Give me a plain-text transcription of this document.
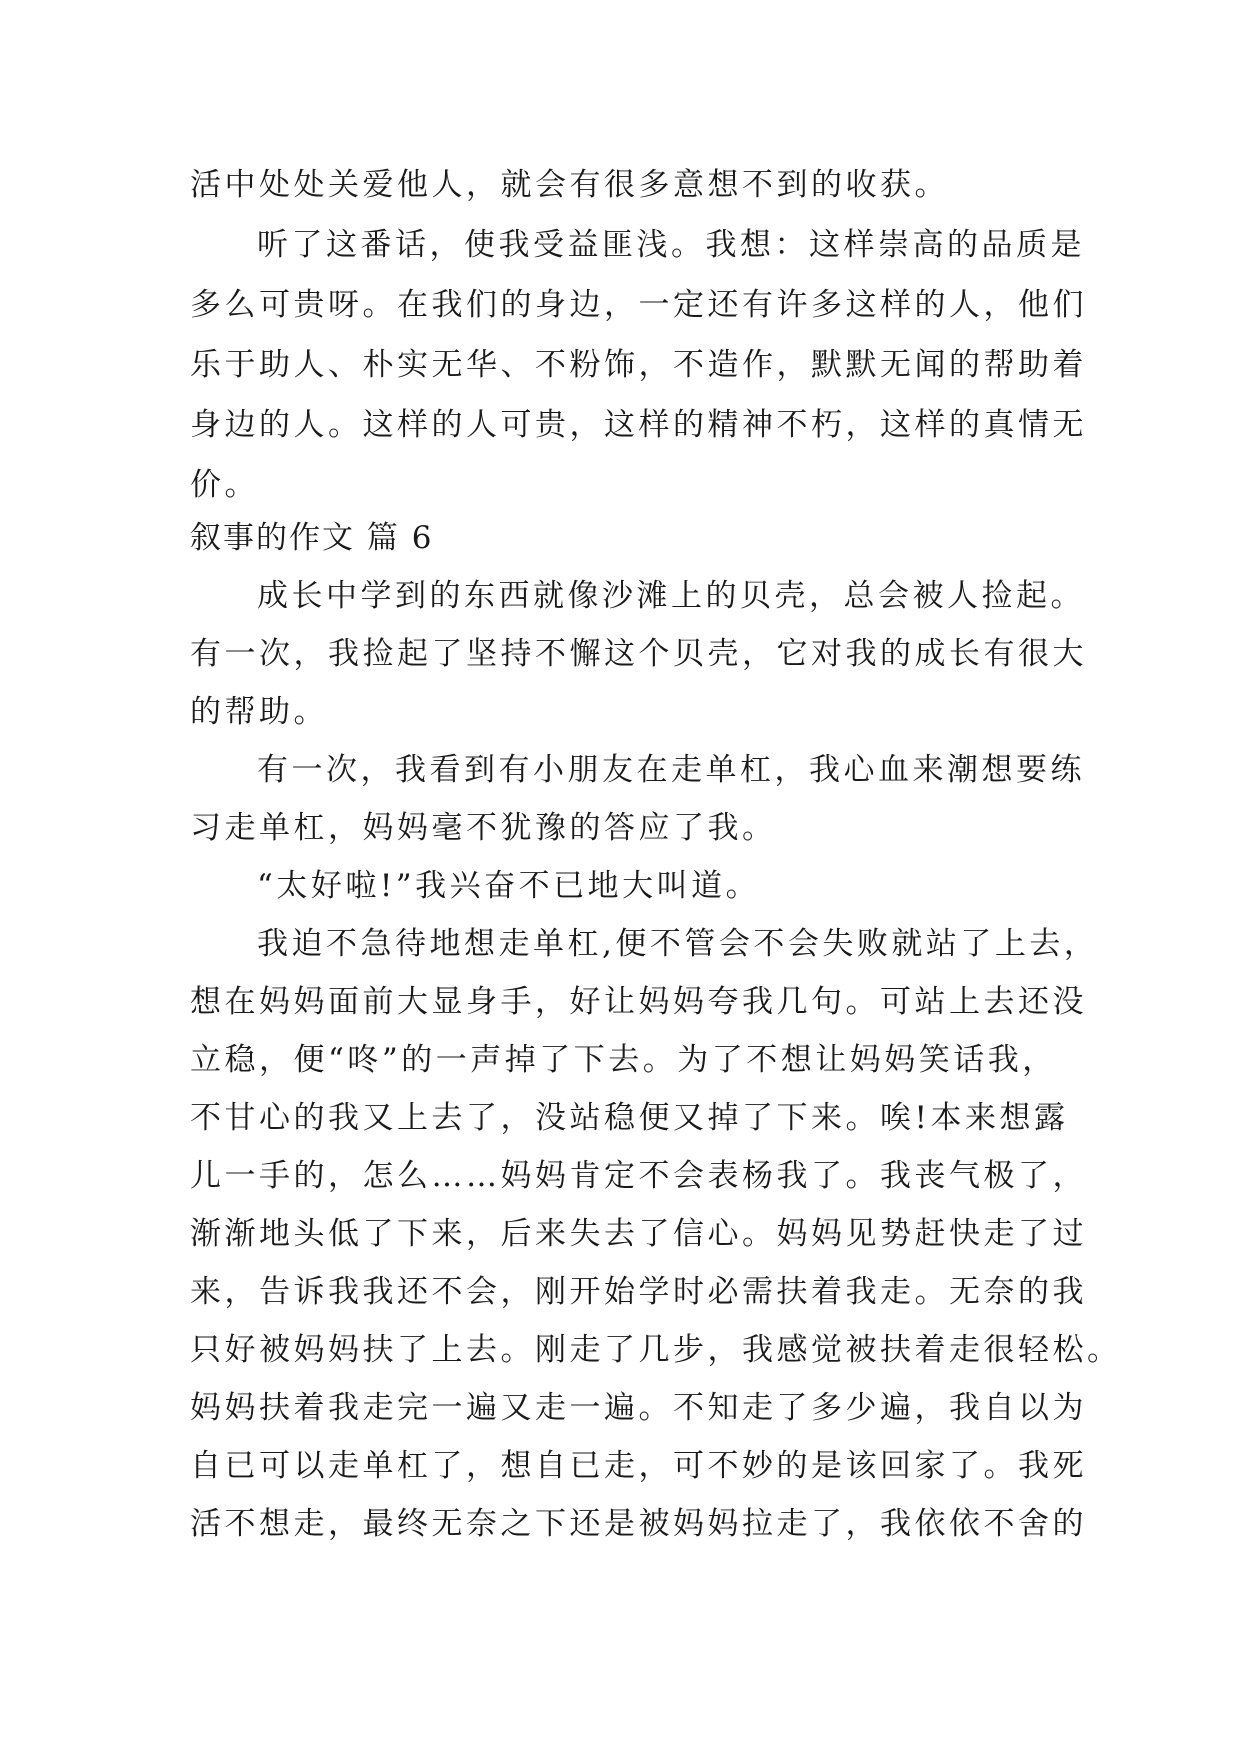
活中处处关爱他人，就会有很多意想不到的收获。
听了这番话，使我受益匪浅。我想：这样崇高的品质是
多么可贵呀。在我们的身边，一定还有许多这样的人，他们
乐于助人、朴实无华、不粉饰，不造作，默默无闻的帮助着
身边的人。这样的人可贵，这样的精神不朽，这样的真情无
价。
叙事的作文 篇 6
成长中学到的东西就像沙滩上的贝壳，总会被人捡起。
有一次，我捡起了坚持不懈这个贝壳，它对我的成长有很大
的帮助。
有一次，我看到有小朋友在走单杠，我心血来潮想要练
习走单杠，妈妈毫不犹豫的答应了我。
“太好啦!”我兴奋不已地大叫道。
我迫不急待地想走单杠,便不管会不会失败就站了上去，
想在妈妈面前大显身手，好让妈妈夸我几句。可站上去还没
立稳，便“咚”的一声掉了下去。为了不想让妈妈笑话我，
不甘心的我又上去了，没站稳便又掉了下来。唉!本来想露
儿一手的，怎么……妈妈肯定不会表杨我了。我丧气极了，
渐渐地头低了下来，后来失去了信心。妈妈见势赶快走了过
来，告诉我我还不会，刚开始学时必需扶着我走。无奈的我
只好被妈妈扶了上去。刚走了几步，我感觉被扶着走很轻松。
妈妈扶着我走完一遍又走一遍。不知走了多少遍，我自以为
自已可以走单杠了，想自已走，可不妙的是该回家了。我死
活不想走，最终无奈之下还是被妈妈拉走了，我依依不舍的
